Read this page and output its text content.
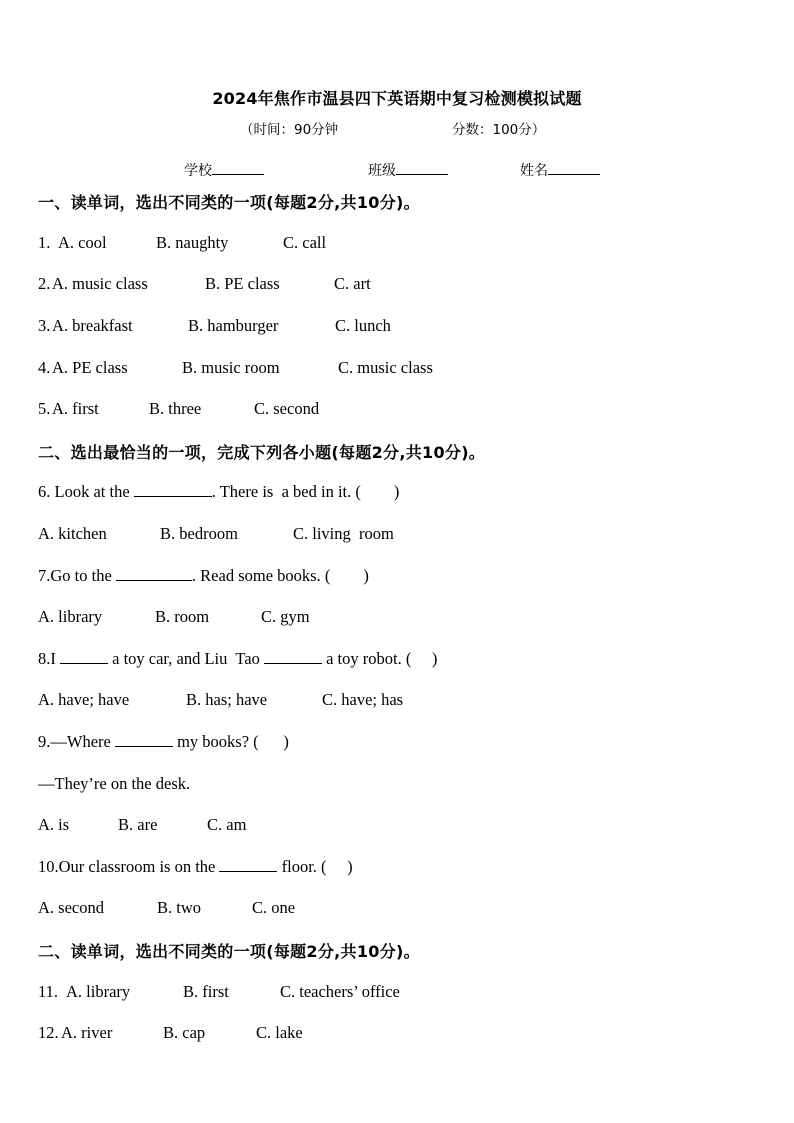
2024年焦作市温县四下英语期中复习检测模拟试题
（时间：90分钟	分数：100分）
学校	班级	姓名
一、读单词，选出不同类的一项(每题2分,共10分)。
1. A. cool	B. naughty	C. call
2. A. music class	B. PE class	C. art
3. A. breakfast	B. hamburger	C. lunch
4. A. PE class	B. music room	C. music class
5. A. first	B. three	C. second
二、选出最恰当的一项，完成下列各小题(每题2分,共10分)。
6. Look at the	. There is  a bed in it. (        )
A. kitchen	B. bedroom	C. living  room
7.Go to the	. Read some books. (        )
A. library	B. room	C. gym
8.I	a toy car, and Liu  Tao	a toy robot. (     )
A. have; have	B. has; have	C. have; has
9.—Where	my books? (      )
—They’re on the desk.
A. is	B. are	C. am
10.Our classroom is on the	floor. (     )
A. second	B. two	C. one
二、读单词，选出不同类的一项(每题2分,共10分)。
11. A. library	B. first	C. teachers’ office
12. A. river	B. cap	C. lake
